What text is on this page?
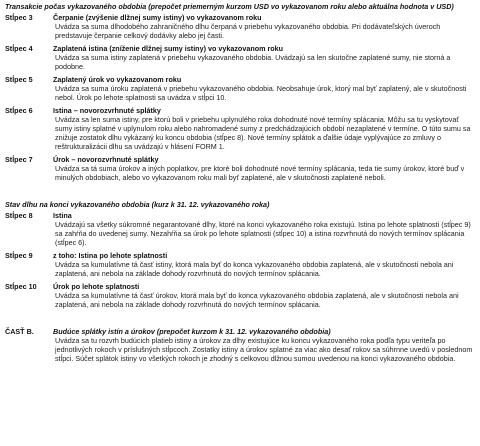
Transakcie počas vykazovaného obdobia (prepočet priemerným kurzom USD vo vykazovanom roku alebo aktuálna hodnota v USD)
Stĺpec 3	Čerpanie (zvýšenie dlžnej sumy istiny) vo vykazovanom roku
Uvádza sa suma dlhodobého zahraničného dlhu čerpaná v priebehu vykazovaného obdobia. Pri dodávateľských úveroch predstavuje čerpanie celkový dodávky alebo jej časti.
Stĺpec 4	Zaplatená istina (zníženie dlžnej sumy istiny) vo vykazovanom roku
Uvádza sa suma istiny zaplatená v priebehu vykazovaného obdobia. Uvádzajú sa len skutočne zaplatené sumy, nie storná a podobne.
Stĺpec 5	Zaplatený úrok vo vykazovanom roku
Uvádza sa suma úroku zaplatená v priebehu vykazovaného obdobia. Neobsahuje úrok, ktorý mal byť zaplatený, ale v skutočnosti nebol. Úrok po lehote splatnosti sa uvádza v stĺpci 10.
Stĺpec 6	Istina – novorozvrhnuté splátky
Uvádza sa len suma istiny, pre ktorú boli v priebehu uplynulého roka dohodnuté nové termíny splácania. Môžu sa tu vyskytovať sumy istiny splatné v uplynulom roku alebo nahromadené sumy z predchádzajúcich období nezaplatené v termíne. O túto sumu sa znižuje zostatok dlhu vykázaný ku koncu obdobia (stĺpec 8). Nové termíny splátok a ďalšie údaje vyplývajúce zo zmluvy o reštrukturalizácii dlhu sa uvádzajú v hlásení FORM 1.
Stĺpec 7	Úrok – novorozvrhnuté splátky
Uvádza sa tá suma úrokov a iných poplatkov, pre ktoré boli dohodnuté nové termíny splácania, teda tie sumy úrokov, ktoré buď v minulých obdobiach, alebo vo vykazovanom roku mali byť zaplatené, ale v skutočnosti zaplatené neboli.
Stav dlhu na konci vykazovaného obdobia (kurz k 31. 12. vykazovaného roka)
Stĺpec 8	Istina
Uvádzajú sa všetky súkromné negarantované dlhy, ktoré na konci vykazovaného roka existujú. Istina po lehote splatnosti (stĺpec 9) sa zahŕňa do uvedenej sumy. Nezahŕňa sa úrok po lehote splatnosti (stĺpec 10) a istina rozvrhnutá do nových termínov splácania (stĺpec 6).
Stĺpec 9	z toho: Istina po lehote splatnosti
Uvádza sa kumulatívne tá časť istiny, ktorá mala byť do konca vykazovaného obdobia zaplatená, ale v skutočnosti nebola ani zaplatená, ani nebola na základe dohody rozvrhnutá do nových termínov splácania.
Stĺpec 10	Úrok po lehote splatnosti
Uvádza sa kumulatívne tá časť úrokov, ktorá mala byť do konca vykazovaného obdobia zaplatená, ale v skutočnosti nebola ani zaplatená, ani nebola na základe dohody rozvrhnutá do nových termínov splácania.
ČASŤ B.	Budúce splátky istín a úrokov (prepočet kurzom k 31. 12. vykazovaného obdobia)
Uvádza sa tu rozvrh budúcich platieb istiny a úrokov za dlhy existujúce ku koncu vykazovaného roka podľa typu veriteľa po jednotlivých rokoch v príslušných stĺpcoch. Zostatky istiny a úrokov splatné za viac ako desať rokov sa súhrnne uvedú v poslednom stĺpci. Súčet splátok istiny vo všetkých rokoch je zhodný s celkovou dlžnou sumou uvedenou na konci vykazovaného obdobia.
